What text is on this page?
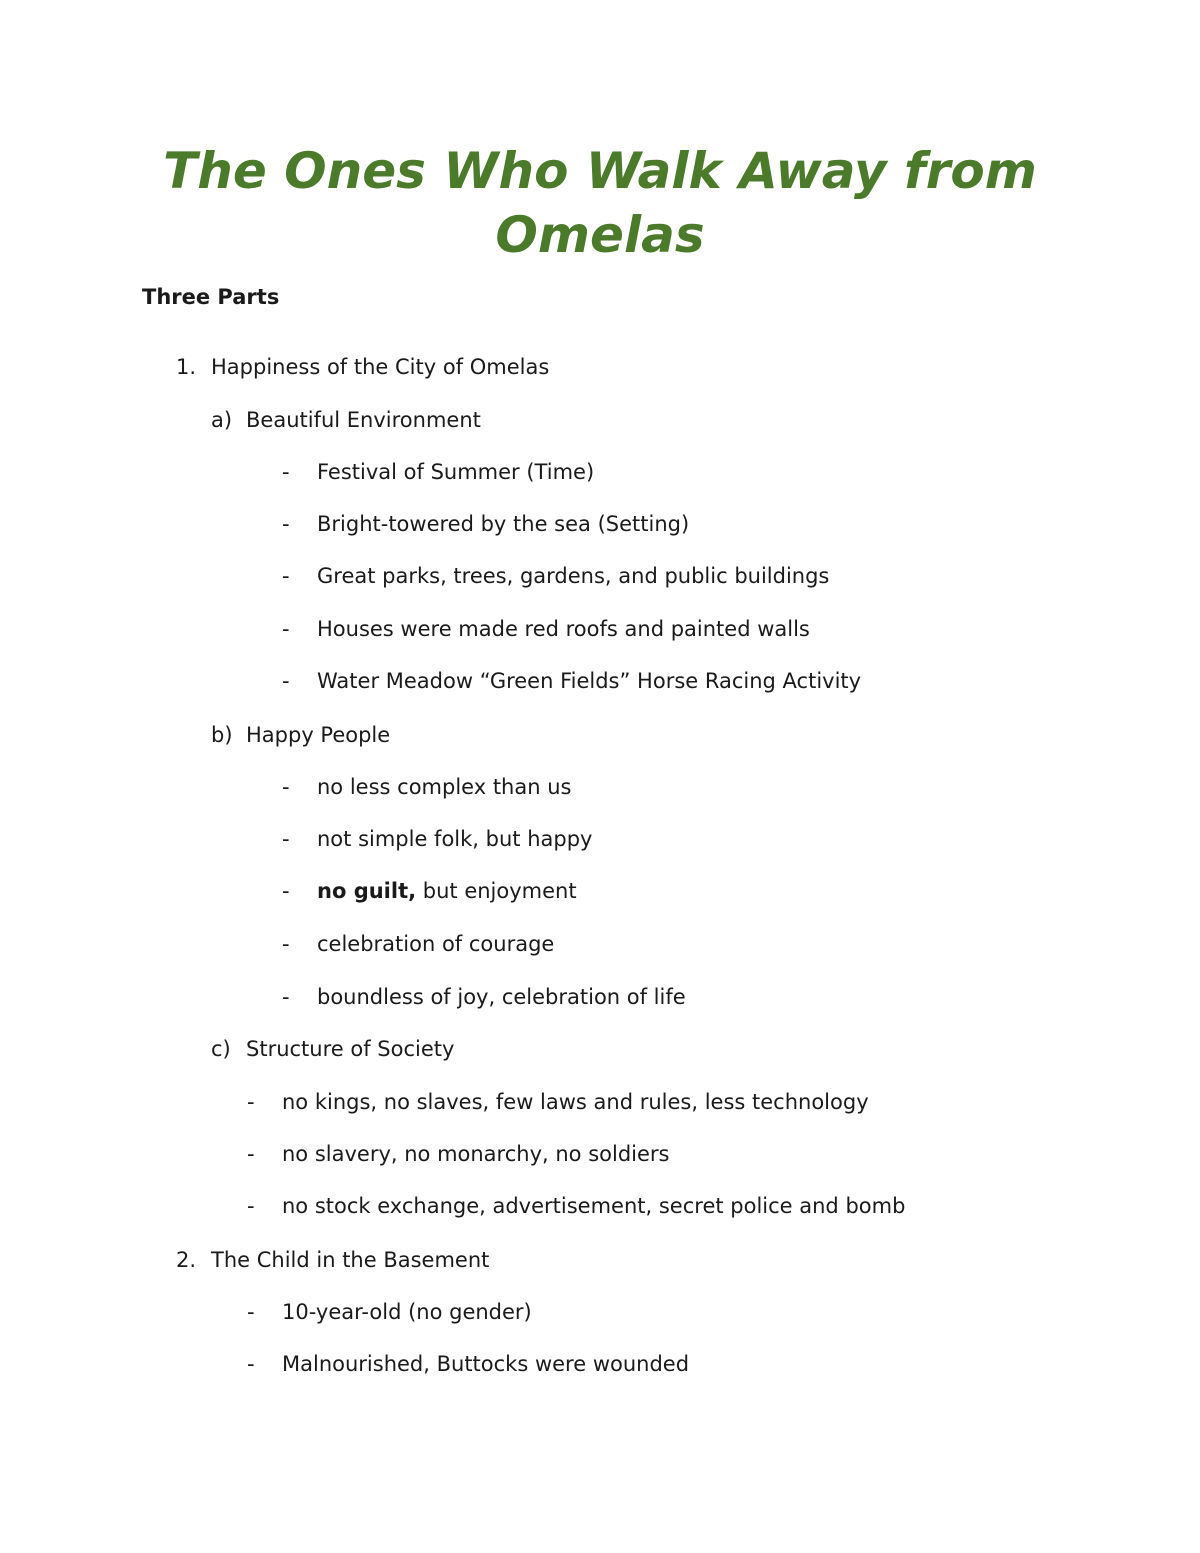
The Ones Who Walk Away from
Omelas
Three Parts
1. Happiness of the City of Omelas
a) Beautiful Environment
- Festival of Summer (Time)
- Bright-towered by the sea (Setting)
- Great parks, trees, gardens, and public buildings
- Houses were made red roofs and painted walls
- Water Meadow “Green Fields” Horse Racing Activity
b) Happy People
- no less complex than us
- not simple folk, but happy
- no guilt, but enjoyment
- celebration of courage
- boundless of joy, celebration of life
c) Structure of Society
- no kings, no slaves, few laws and rules, less technology
- no slavery, no monarchy, no soldiers
- no stock exchange, advertisement, secret police and bomb
2. The Child in the Basement
- 10-year-old (no gender)
- Malnourished, Buttocks were wounded
